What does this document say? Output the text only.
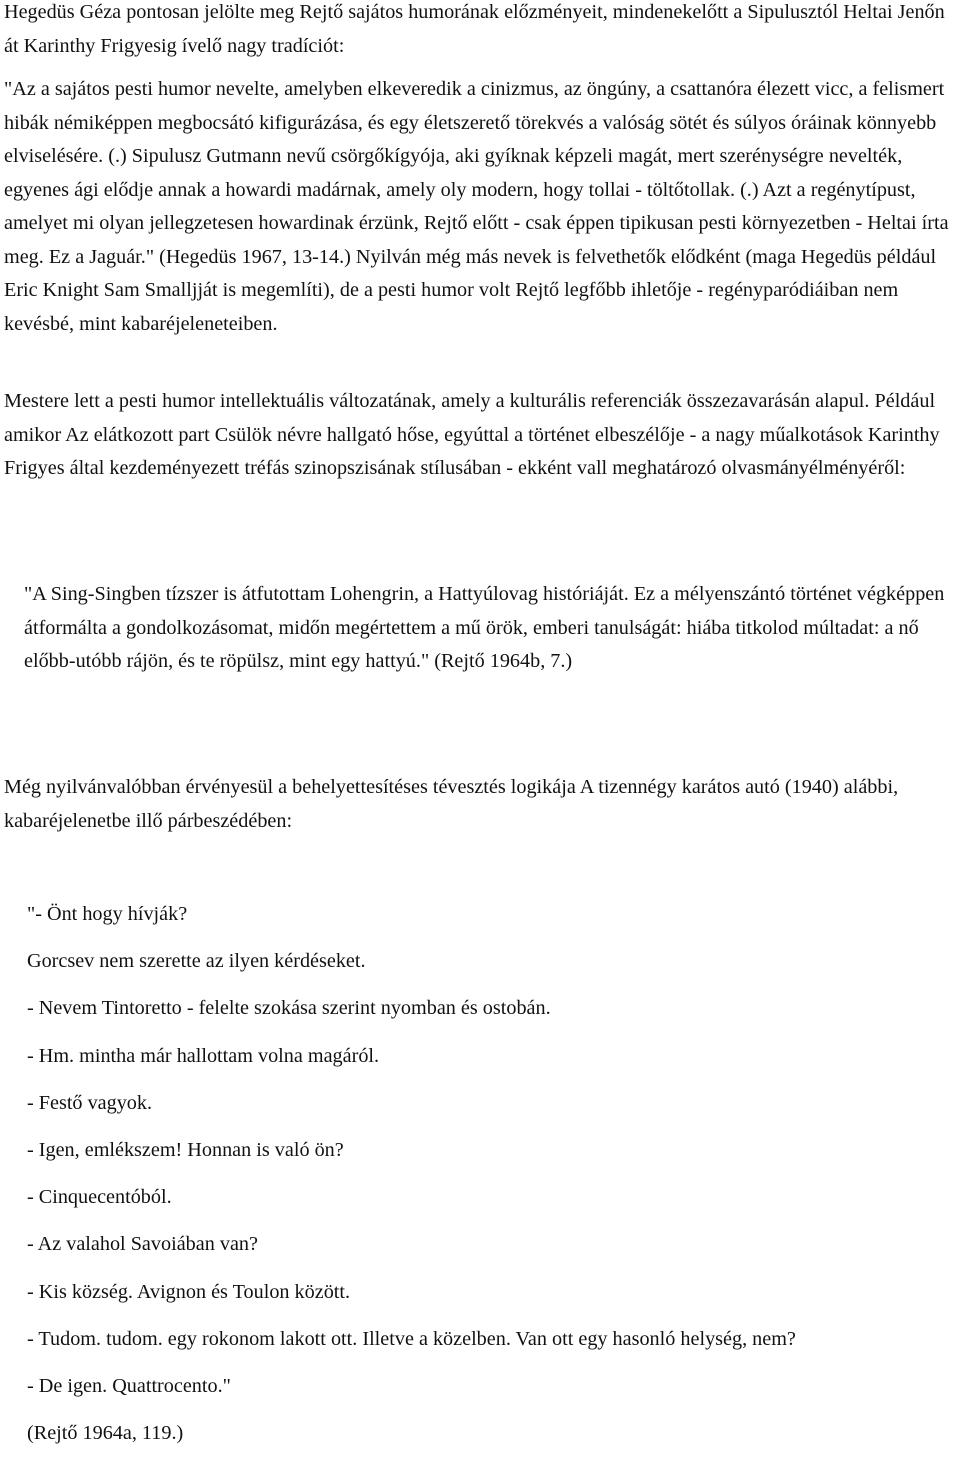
Hegedüs Géza pontosan jelölte meg Rejtő sajátos humorának előzményeit, mindenekelőtt a Sipulusztól Heltai Jenőn át Karinthy Frigyesig ívelő nagy tradíciót:

"Az a sajátos pesti humor nevelte, amelyben elkeveredik a cinizmus, az öngúny, a csattanóra élezett vicc, a felismert hibák némiképpen megbocsátó kifigurázása, és egy életszerető törekvés a valóság sötét és súlyos óráinak könnyebb elviselésére. (.) Sipulusz Gutmann nevű csörgőkígyója, aki gyíknak képzeli magát, mert szerénységre nevelték, egyenes ági elődje annak a howardi madárnak, amely oly modern, hogy tollai - töltőtollak. (.) Azt a regénytípust, amelyet mi olyan jellegzetesen howardinak érzünk, Rejtő előtt - csak éppen tipikusan pesti környezetben - Heltai írta meg. Ez a Jaguár." (Hegedüs 1967, 13-14.) Nyilván még más nevek is felvethetők elődként (maga Hegedüs például Eric Knight Sam Smalljját is megemlíti), de a pesti humor volt Rejtő legfőbb ihletője - regényparódiáiban nem kevésbé, mint kabaréjeleneteiben.

Mestere lett a pesti humor intellektuális változatának, amely a kulturális referenciák összezavarásán alapul. Például amikor Az elátkozott part Csülök névre hallgató hőse, egyúttal a történet elbeszélője - a nagy műalkotások Karinthy Frigyes által kezdeményezett tréfás szinopszisának stílusában - ekként vall meghatározó olvasmányélményéről:

"A Sing-Singben tízszer is átfutottam Lohengrin, a Hattyúlovag históriáját. Ez a mélyenszántó történet végképpen átformálta a gondolkozásomat, midőn megértettem a mű örök, emberi tanulságát: hiába titkolod múltadat: a nő előbb-utóbb rájön, és te röpülsz, mint egy hattyú." (Rejtő 1964b, 7.)

Még nyilvánvalóbban érvényesül a behelyettesítéses tévesztés logikája A tizennégy karátos autó (1940) alábbi, kabaréjelenetbe illő párbeszédében:

"- Önt hogy hívják?

Gorcsev nem szerette az ilyen kérdéseket.

- Nevem Tintoretto - felelte szokása szerint nyomban és ostobán.

- Hm. mintha már hallottam volna magáról.

- Festő vagyok.

- Igen, emlékszem! Honnan is való ön?

- Cinquecentóból.

- Az valahol Savoiában van?

- Kis község. Avignon és Toulon között.

- Tudom. tudom. egy rokonom lakott ott. Illetve a közelben. Van ott egy hasonló helység, nem?

- De igen. Quattrocento."

(Rejtő 1964a, 119.)
